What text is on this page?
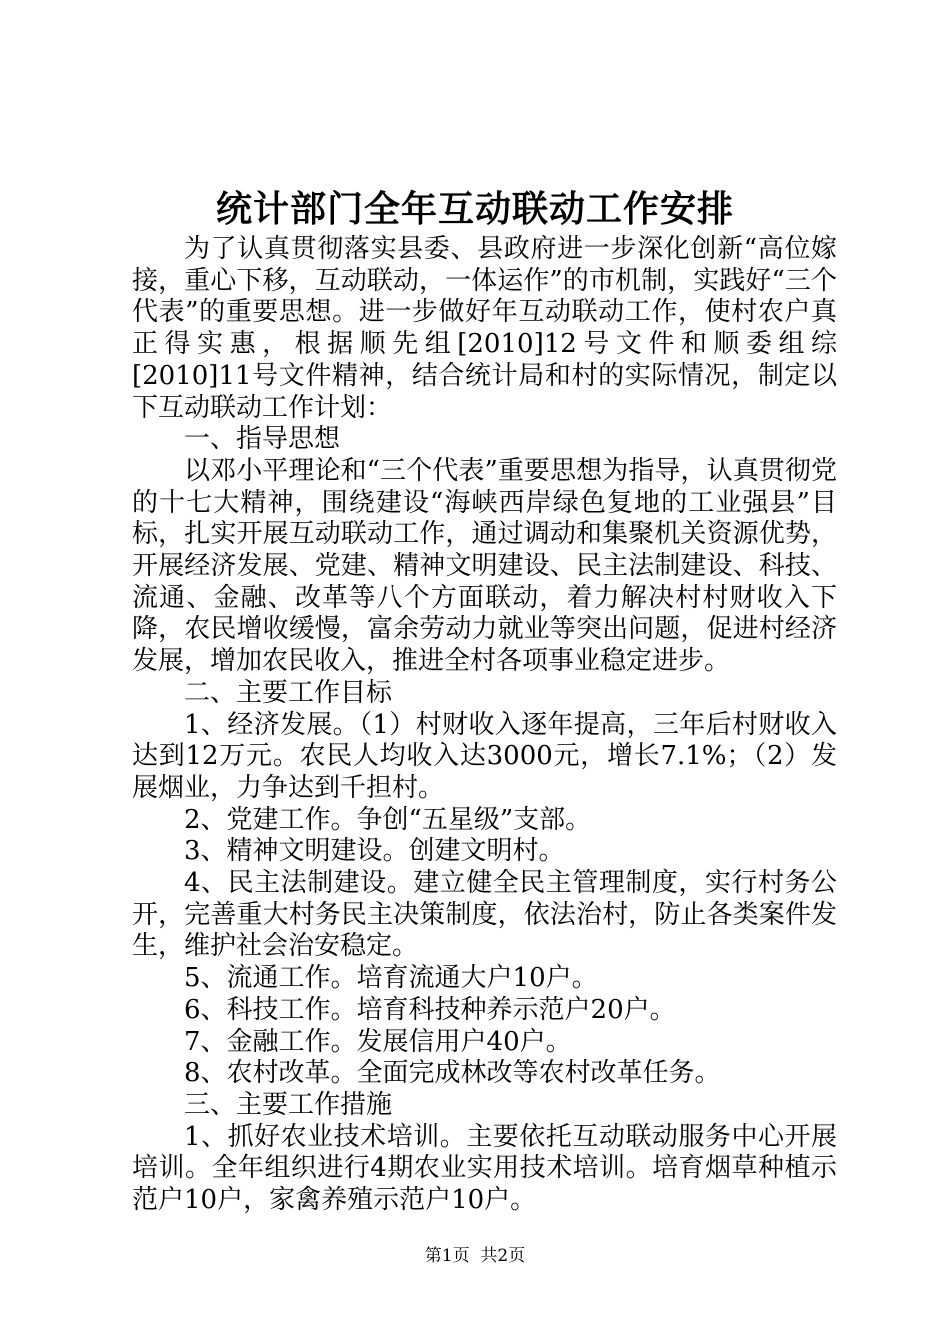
统计部门全年互动联动工作安排

为了认真贯彻落实县委、县政府进一步深化创新“高位嫁接，重心下移，互动联动，一体运作”的市机制，实践好“三个代表”的重要思想。进一步做好年互动联动工作，使村农户真正得实惠，根据顺先组[2010]12号文件和顺委组综[2010]11号文件精神，结合统计局和村的实际情况，制定以下互动联动工作计划：

一、指导思想

以邓小平理论和“三个代表”重要思想为指导，认真贯彻党的十七大精神，围绕建设“海峡西岸绿色复地的工业强县”目标，扎实开展互动联动工作，通过调动和集聚机关资源优势，开展经济发展、党建、精神文明建设、民主法制建设、科技、流通、金融、改革等八个方面联动，着力解决村村财收入下降，农民增收缓慢，富余劳动力就业等突出问题，促进村经济发展，增加农民收入，推进全村各项事业稳定进步。

二、主要工作目标

1、经济发展。（1）村财收入逐年提高，三年后村财收入达到12万元。农民人均收入达3000元，增长7.1%；（2）发展烟业，力争达到千担村。

2、党建工作。争创“五星级”支部。

3、精神文明建设。创建文明村。

4、民主法制建设。建立健全民主管理制度，实行村务公开，完善重大村务民主决策制度，依法治村，防止各类案件发生，维护社会治安稳定。

5、流通工作。培育流通大户10户。

6、科技工作。培育科技种养示范户20户。

7、金融工作。发展信用户40户。

8、农村改革。全面完成林改等农村改革任务。

三、主要工作措施

1、抓好农业技术培训。主要依托互动联动服务中心开展培训。全年组织进行4期农业实用技术培训。培育烟草种植示范户10户，家禽养殖示范户10户。

第1页 共2页
